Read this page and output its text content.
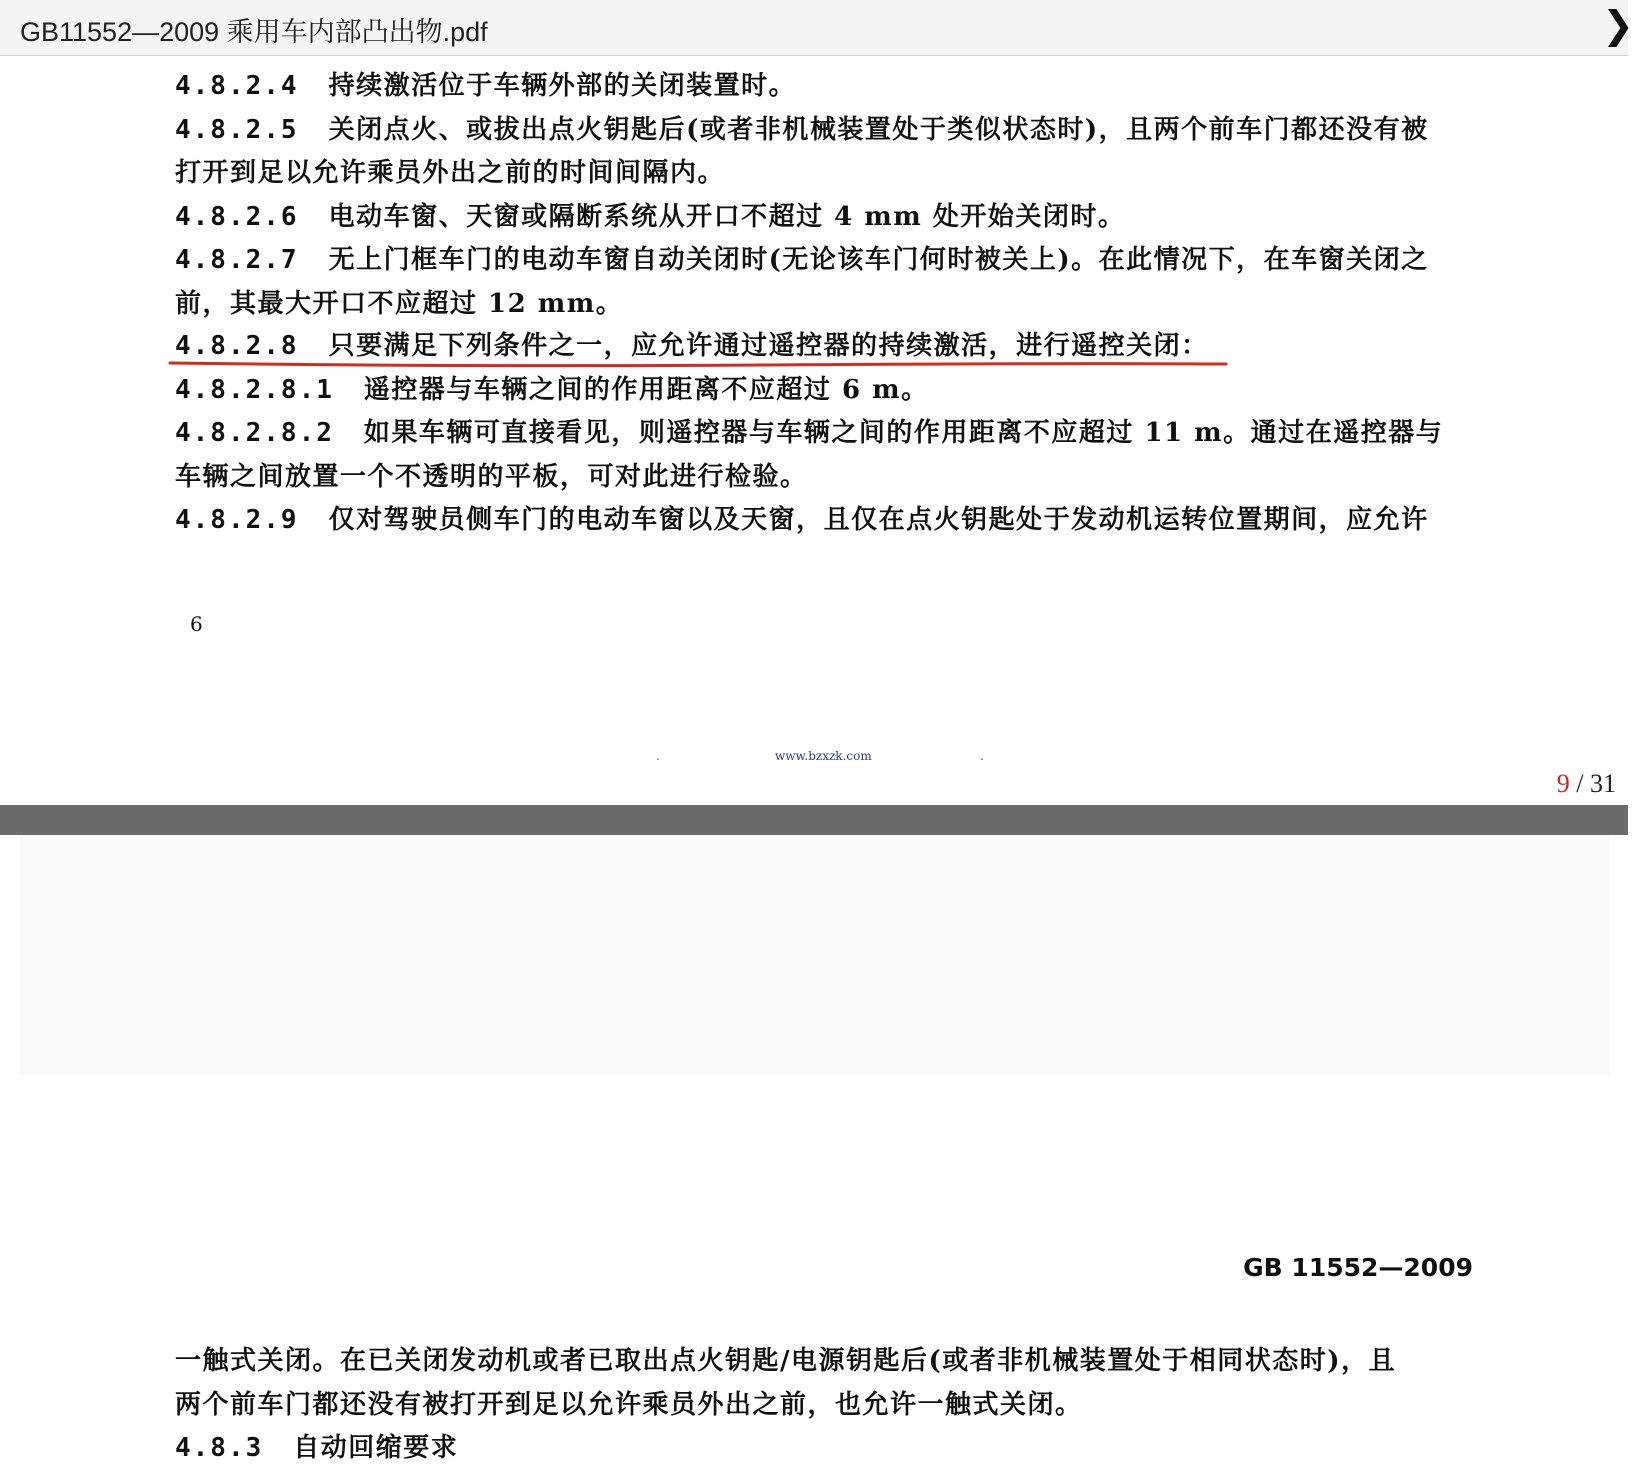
GB11552—2009 乘用车内部凸出物.pdf	❯
4.8.2.4 持续激活位于车辆外部的关闭装置时。
4.8.2.5 关闭点火、或拔出点火钥匙后(或者非机械装置处于类似状态时)，且两个前车门都还没有被
打开到足以允许乘员外出之前的时间间隔内。
4.8.2.6 电动车窗、天窗或隔断系统从开口不超过 4 mm 处开始关闭时。
4.8.2.7 无上门框车门的电动车窗自动关闭时(无论该车门何时被关上)。在此情况下，在车窗关闭之
前，其最大开口不应超过 12 mm。
4.8.2.8 只要满足下列条件之一，应允许通过遥控器的持续激活，进行遥控关闭：
4.8.2.8.1 遥控器与车辆之间的作用距离不应超过 6 m。
4.8.2.8.2 如果车辆可直接看见，则遥控器与车辆之间的作用距离不应超过 11 m。通过在遥控器与
车辆之间放置一个不透明的平板，可对此进行检验。
4.8.2.9 仅对驾驶员侧车门的电动车窗以及天窗，且仅在点火钥匙处于发动机运转位置期间，应允许
6
.	www.bzxzk.com	.
9 / 31
GB 11552—2009
一触式关闭。在已关闭发动机或者已取出点火钥匙/电源钥匙后(或者非机械装置处于相同状态时)，且
两个前车门都还没有被打开到足以允许乘员外出之前，也允许一触式关闭。
4.8.3 自动回缩要求
